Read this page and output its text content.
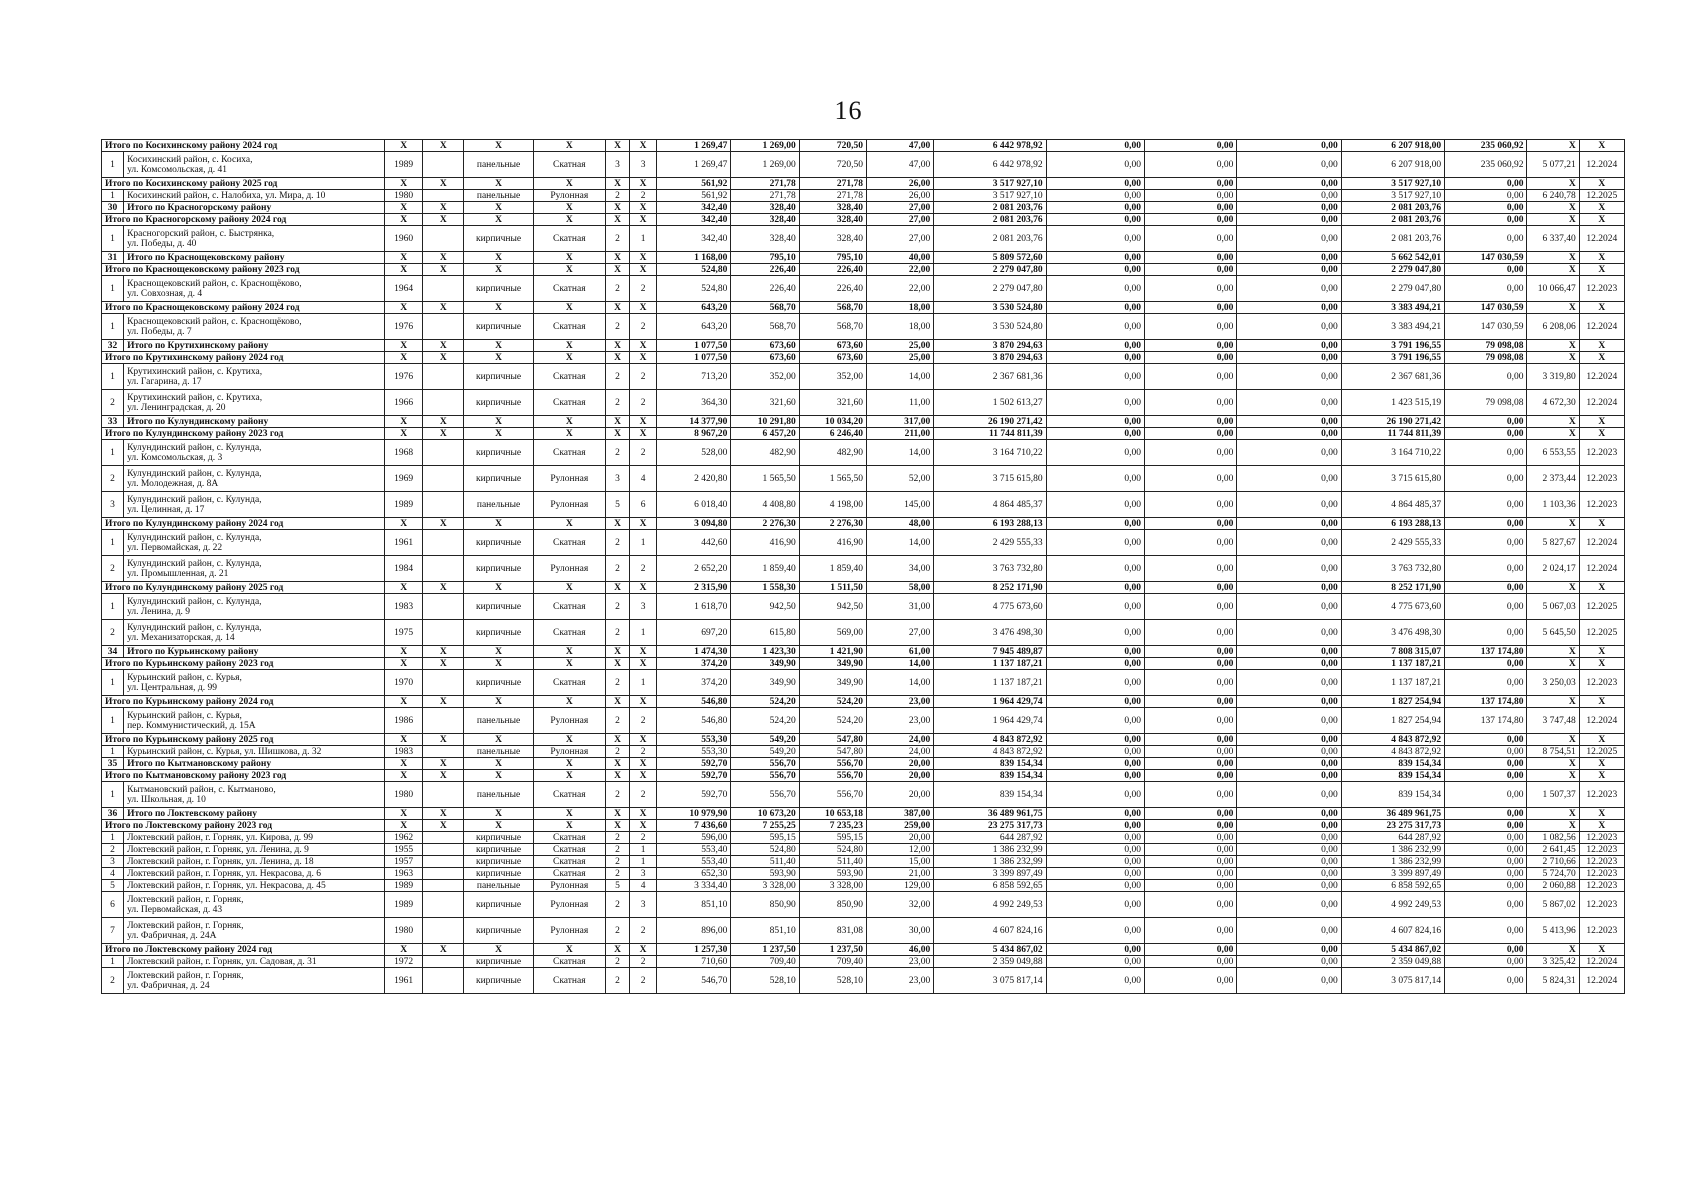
16
Итого по Косихинскому району 2024 год		X	X	X	X	X	X	1 269,47	1 269,00	720,50	47,00	6 442 978,92	0,00	0,00	0,00	6 207 918,00	235 060,92	X	X
1	Косихинский район, с. Косиха,
ул. Комсомольская, д. 41	1989		панельные	Скатная	3	3	1 269,47	1 269,00	720,50	47,00	6 442 978,92	0,00	0,00	0,00	6 207 918,00	235 060,92	5 077,21	12.2024
Итого по Косихинскому району 2025 год		X	X	X	X	X	X	561,92	271,78	271,78	26,00	3 517 927,10	0,00	0,00	0,00	3 517 927,10	0,00	X	X
1	Косихинский район, с. Налобиха, ул. Мира, д. 10	1980		панельные	Рулонная	2	2	561,92	271,78	271,78	26,00	3 517 927,10	0,00	0,00	0,00	3 517 927,10	0,00	6 240,78	12.2025
30	Итого по Красногорскому району	X	X	X	X	X	X	342,40	328,40	328,40	27,00	2 081 203,76	0,00	0,00	0,00	2 081 203,76	0,00	X	X
Итого по Красногорскому району 2024 год		X	X	X	X	X	X	342,40	328,40	328,40	27,00	2 081 203,76	0,00	0,00	0,00	2 081 203,76	0,00	X	X
1	Красногорский район, с. Быстрянка,
ул. Победы, д. 40	1960		кирпичные	Скатная	2	1	342,40	328,40	328,40	27,00	2 081 203,76	0,00	0,00	0,00	2 081 203,76	0,00	6 337,40	12.2024
31	Итого по Краснощековскому району	X	X	X	X	X	X	1 168,00	795,10	795,10	40,00	5 809 572,60	0,00	0,00	0,00	5 662 542,01	147 030,59	X	X
Итого по Краснощековскому району 2023 год		X	X	X	X	X	X	524,80	226,40	226,40	22,00	2 279 047,80	0,00	0,00	0,00	2 279 047,80	0,00	X	X
1	Краснощековский район, с. Краснощёково,
ул. Совхозная, д. 4	1964		кирпичные	Скатная	2	2	524,80	226,40	226,40	22,00	2 279 047,80	0,00	0,00	0,00	2 279 047,80	0,00	10 066,47	12.2023
Итого по Краснощековскому району 2024 год		X	X	X	X	X	X	643,20	568,70	568,70	18,00	3 530 524,80	0,00	0,00	0,00	3 383 494,21	147 030,59	X	X
1	Краснощековский район, с. Краснощёково,
ул. Победы, д. 7	1976		кирпичные	Скатная	2	2	643,20	568,70	568,70	18,00	3 530 524,80	0,00	0,00	0,00	3 383 494,21	147 030,59	6 208,06	12.2024
32	Итого по Крутихинскому району	X	X	X	X	X	X	1 077,50	673,60	673,60	25,00	3 870 294,63	0,00	0,00	0,00	3 791 196,55	79 098,08	X	X
Итого по Крутихинскому району 2024 год		X	X	X	X	X	X	1 077,50	673,60	673,60	25,00	3 870 294,63	0,00	0,00	0,00	3 791 196,55	79 098,08	X	X
1	Крутихинский район, с. Крутиха,
ул. Гагарина, д. 17	1976		кирпичные	Скатная	2	2	713,20	352,00	352,00	14,00	2 367 681,36	0,00	0,00	0,00	2 367 681,36	0,00	3 319,80	12.2024
2	Крутихинский район, с. Крутиха,
ул. Ленинградская, д. 20	1966		кирпичные	Скатная	2	2	364,30	321,60	321,60	11,00	1 502 613,27	0,00	0,00	0,00	1 423 515,19	79 098,08	4 672,30	12.2024
33	Итого по Кулундинскому району	X	X	X	X	X	X	14 377,90	10 291,80	10 034,20	317,00	26 190 271,42	0,00	0,00	0,00	26 190 271,42	0,00	X	X
Итого по Кулундинскому району 2023 год		X	X	X	X	X	X	8 967,20	6 457,20	6 246,40	211,00	11 744 811,39	0,00	0,00	0,00	11 744 811,39	0,00	X	X
1	Кулундинский район, с. Кулунда,
ул. Комсомольская, д. 3	1968		кирпичные	Скатная	2	2	528,00	482,90	482,90	14,00	3 164 710,22	0,00	0,00	0,00	3 164 710,22	0,00	6 553,55	12.2023
2	Кулундинский район, с. Кулунда,
ул. Молодежная, д. 8А	1969		кирпичные	Рулонная	3	4	2 420,80	1 565,50	1 565,50	52,00	3 715 615,80	0,00	0,00	0,00	3 715 615,80	0,00	2 373,44	12.2023
3	Кулундинский район, с. Кулунда,
ул. Целинная, д. 17	1989		панельные	Рулонная	5	6	6 018,40	4 408,80	4 198,00	145,00	4 864 485,37	0,00	0,00	0,00	4 864 485,37	0,00	1 103,36	12.2023
Итого по Кулундинскому району 2024 год		X	X	X	X	X	X	3 094,80	2 276,30	2 276,30	48,00	6 193 288,13	0,00	0,00	0,00	6 193 288,13	0,00	X	X
1	Кулундинский район, с. Кулунда,
ул. Первомайская, д. 22	1961		кирпичные	Скатная	2	1	442,60	416,90	416,90	14,00	2 429 555,33	0,00	0,00	0,00	2 429 555,33	0,00	5 827,67	12.2024
2	Кулундинский район, с. Кулунда,
ул. Промышленная, д. 21	1984		кирпичные	Рулонная	2	2	2 652,20	1 859,40	1 859,40	34,00	3 763 732,80	0,00	0,00	0,00	3 763 732,80	0,00	2 024,17	12.2024
Итого по Кулундинскому району 2025 год		X	X	X	X	X	X	2 315,90	1 558,30	1 511,50	58,00	8 252 171,90	0,00	0,00	0,00	8 252 171,90	0,00	X	X
1	Кулундинский район, с. Кулунда,
ул. Ленина, д. 9	1983		кирпичные	Скатная	2	3	1 618,70	942,50	942,50	31,00	4 775 673,60	0,00	0,00	0,00	4 775 673,60	0,00	5 067,03	12.2025
2	Кулундинский район, с. Кулунда,
ул. Механизаторская, д. 14	1975		кирпичные	Скатная	2	1	697,20	615,80	569,00	27,00	3 476 498,30	0,00	0,00	0,00	3 476 498,30	0,00	5 645,50	12.2025
34	Итого по Курьинскому району	X	X	X	X	X	X	1 474,30	1 423,30	1 421,90	61,00	7 945 489,87	0,00	0,00	0,00	7 808 315,07	137 174,80	X	X
Итого по Курьинскому району 2023 год		X	X	X	X	X	X	374,20	349,90	349,90	14,00	1 137 187,21	0,00	0,00	0,00	1 137 187,21	0,00	X	X
1	Курьинский район, с. Курья,
ул. Центральная, д. 99	1970		кирпичные	Скатная	2	1	374,20	349,90	349,90	14,00	1 137 187,21	0,00	0,00	0,00	1 137 187,21	0,00	3 250,03	12.2023
Итого по Курьинскому району 2024 год		X	X	X	X	X	X	546,80	524,20	524,20	23,00	1 964 429,74	0,00	0,00	0,00	1 827 254,94	137 174,80	X	X
1	Курьинский район, с. Курья,
пер. Коммунистический, д. 15А	1986		панельные	Рулонная	2	2	546,80	524,20	524,20	23,00	1 964 429,74	0,00	0,00	0,00	1 827 254,94	137 174,80	3 747,48	12.2024
Итого по Курьинскому району 2025 год		X	X	X	X	X	X	553,30	549,20	547,80	24,00	4 843 872,92	0,00	0,00	0,00	4 843 872,92	0,00	X	X
1	Курьинский район, с. Курья, ул. Шишкова, д. 32	1983		панельные	Рулонная	2	2	553,30	549,20	547,80	24,00	4 843 872,92	0,00	0,00	0,00	4 843 872,92	0,00	8 754,51	12.2025
35	Итого по Кытмановскому району	X	X	X	X	X	X	592,70	556,70	556,70	20,00	839 154,34	0,00	0,00	0,00	839 154,34	0,00	X	X
Итого по Кытмановскому району 2023 год		X	X	X	X	X	X	592,70	556,70	556,70	20,00	839 154,34	0,00	0,00	0,00	839 154,34	0,00	X	X
1	Кытмановский район, с. Кытманово,
ул. Школьная, д. 10	1980		панельные	Скатная	2	2	592,70	556,70	556,70	20,00	839 154,34	0,00	0,00	0,00	839 154,34	0,00	1 507,37	12.2023
36	Итого по Локтевскому району	X	X	X	X	X	X	10 979,90	10 673,20	10 653,18	387,00	36 489 961,75	0,00	0,00	0,00	36 489 961,75	0,00	X	X
Итого по Локтевскому району 2023 год		X	X	X	X	X	X	7 436,60	7 255,25	7 235,23	259,00	23 275 317,73	0,00	0,00	0,00	23 275 317,73	0,00	X	X
1	Локтевский район, г. Горняк, ул. Кирова, д. 99	1962		кирпичные	Скатная	2	2	596,00	595,15	595,15	20,00	644 287,92	0,00	0,00	0,00	644 287,92	0,00	1 082,56	12.2023
2	Локтевский район, г. Горняк, ул. Ленина, д. 9	1955		кирпичные	Скатная	2	1	553,40	524,80	524,80	12,00	1 386 232,99	0,00	0,00	0,00	1 386 232,99	0,00	2 641,45	12.2023
3	Локтевский район, г. Горняк, ул. Ленина, д. 18	1957		кирпичные	Скатная	2	1	553,40	511,40	511,40	15,00	1 386 232,99	0,00	0,00	0,00	1 386 232,99	0,00	2 710,66	12.2023
4	Локтевский район, г. Горняк, ул. Некрасова, д. 6	1963		кирпичные	Скатная	2	3	652,30	593,90	593,90	21,00	3 399 897,49	0,00	0,00	0,00	3 399 897,49	0,00	5 724,70	12.2023
5	Локтевский район, г. Горняк, ул. Некрасова, д. 45	1989		панельные	Рулонная	5	4	3 334,40	3 328,00	3 328,00	129,00	6 858 592,65	0,00	0,00	0,00	6 858 592,65	0,00	2 060,88	12.2023
6	Локтевский район, г. Горняк,
ул. Первомайская, д. 43	1989		кирпичные	Рулонная	2	3	851,10	850,90	850,90	32,00	4 992 249,53	0,00	0,00	0,00	4 992 249,53	0,00	5 867,02	12.2023
7	Локтевский район, г. Горняк,
ул. Фабричная, д. 24А	1980		кирпичные	Рулонная	2	2	896,00	851,10	831,08	30,00	4 607 824,16	0,00	0,00	0,00	4 607 824,16	0,00	5 413,96	12.2023
Итого по Локтевскому району 2024 год		X	X	X	X	X	X	1 257,30	1 237,50	1 237,50	46,00	5 434 867,02	0,00	0,00	0,00	5 434 867,02	0,00	X	X
1	Локтевский район, г. Горняк, ул. Садовая, д. 31	1972		кирпичные	Скатная	2	2	710,60	709,40	709,40	23,00	2 359 049,88	0,00	0,00	0,00	2 359 049,88	0,00	3 325,42	12.2024
2	Локтевский район, г. Горняк,
ул. Фабричная, д. 24	1961		кирпичные	Скатная	2	2	546,70	528,10	528,10	23,00	3 075 817,14	0,00	0,00	0,00	3 075 817,14	0,00	5 824,31	12.2024
